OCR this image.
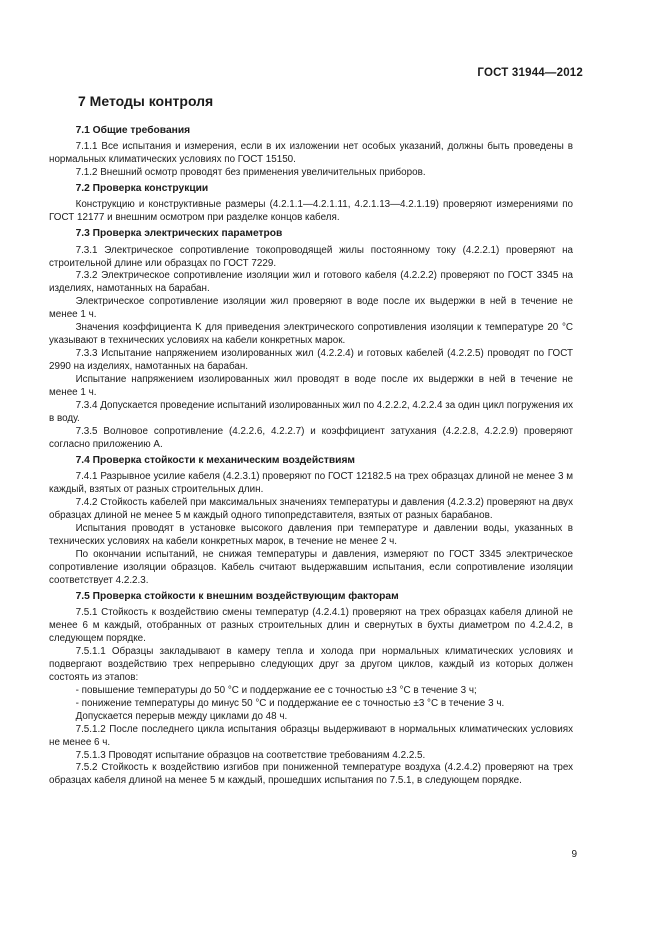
ГОСТ 31944—2012
7 Методы контроля

7.1 Общие требования

7.1.1 Все испытания и измерения, если в их изложении нет особых указаний, должны быть проведены в нормальных климатических условиях по ГОСТ 15150.

7.1.2 Внешний осмотр проводят без применения увеличительных приборов.

7.2 Проверка конструкции

Конструкцию и конструктивные размеры (4.2.1.1—4.2.1.11, 4.2.1.13—4.2.1.19) проверяют измерениями по ГОСТ 12177 и внешним осмотром при разделке концов кабеля.

7.3 Проверка электрических параметров

7.3.1 Электрическое сопротивление токопроводящей жилы постоянному току (4.2.2.1) проверяют на строительной длине или образцах по ГОСТ 7229.

7.3.2 Электрическое сопротивление изоляции жил и готового кабеля (4.2.2.2) проверяют по ГОСТ 3345 на изделиях, намотанных на барабан.

Электрическое сопротивление изоляции жил проверяют в воде после их выдержки в ней в течение не менее 1 ч.

Значения коэффициента K для приведения электрического сопротивления изоляции к температуре 20 °С указывают в технических условиях на кабели конкретных марок.

7.3.3 Испытание напряжением изолированных жил (4.2.2.4) и готовых кабелей (4.2.2.5) проводят по ГОСТ 2990 на изделиях, намотанных на барабан.

Испытание напряжением изолированных жил проводят в воде после их выдержки в ней в течение не менее 1 ч.

7.3.4 Допускается проведение испытаний изолированных жил по 4.2.2.2, 4.2.2.4 за один цикл погружения их в воду.

7.3.5 Волновое сопротивление (4.2.2.6, 4.2.2.7) и коэффициент затухания (4.2.2.8, 4.2.2.9) проверяют согласно приложению А.

7.4 Проверка стойкости к механическим воздействиям

7.4.1 Разрывное усилие кабеля (4.2.3.1) проверяют по ГОСТ 12182.5 на трех образцах длиной не менее 3 м каждый, взятых от разных строительных длин.

7.4.2 Стойкость кабелей при максимальных значениях температуры и давления (4.2.3.2) проверяют на двух образцах длиной не менее 5 м каждый одного типопредставителя, взятых от разных барабанов.

Испытания проводят в установке высокого давления при температуре и давлении воды, указанных в технических условиях на кабели конкретных марок, в течение не менее 2 ч.

По окончании испытаний, не снижая температуры и давления, измеряют по ГОСТ 3345 электрическое сопротивление изоляции образцов. Кабель считают выдержавшим испытания, если сопротивление изоляции соответствует 4.2.2.3.

7.5 Проверка стойкости к внешним воздействующим факторам

7.5.1 Стойкость к воздействию смены температур (4.2.4.1) проверяют на трех образцах кабеля длиной не менее 6 м каждый, отобранных от разных строительных длин и свернутых в бухты диаметром по 4.2.4.2, в следующем порядке.

7.5.1.1 Образцы закладывают в камеру тепла и холода при нормальных климатических условиях и подвергают воздействию трех непрерывно следующих друг за другом циклов, каждый из которых должен состоять из этапов:

- повышение температуры до 50 °С и поддержание ее с точностью ±3 °С в течение 3 ч;

- понижение температуры до минус 50 °С и поддержание ее с точностью ±3 °С в течение 3 ч.

Допускается перерыв между циклами до 48 ч.

7.5.1.2 После последнего цикла испытания образцы выдерживают в нормальных климатических условиях не менее 6 ч.

7.5.1.3 Проводят испытание образцов на соответствие требованиям 4.2.2.5.

7.5.2 Стойкость к воздействию изгибов при пониженной температуре воздуха (4.2.4.2) проверяют на трех образцах кабеля длиной на менее 5 м каждый, прошедших испытания по 7.5.1, в следующем порядке.

9
